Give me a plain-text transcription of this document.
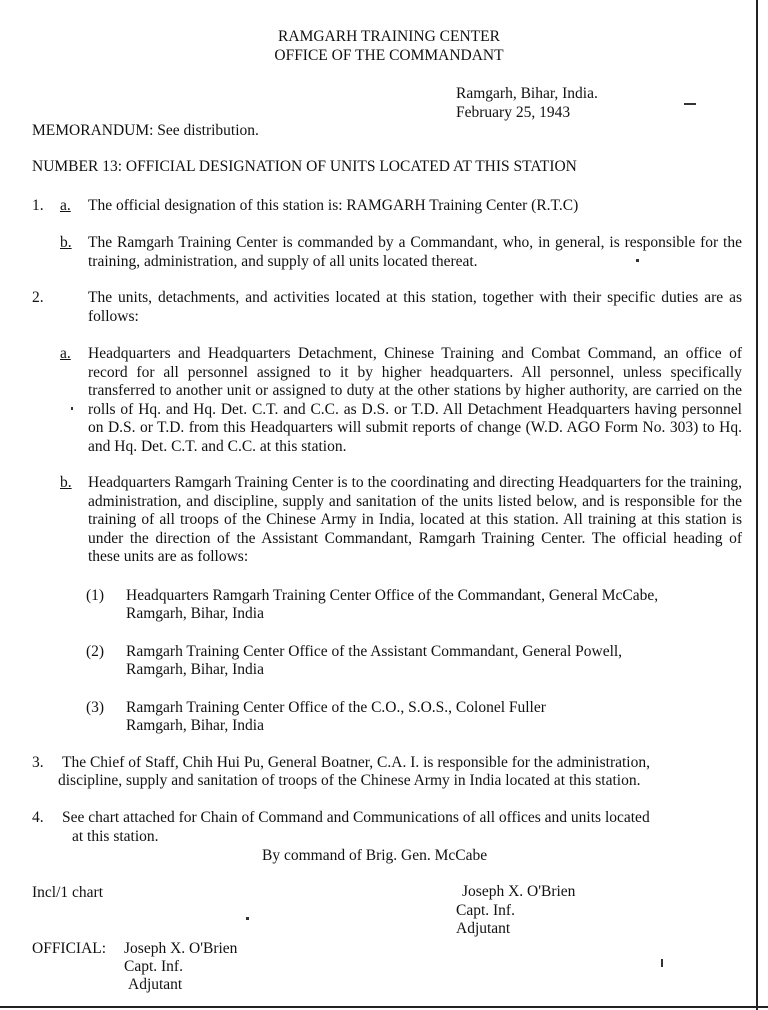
RAMGARH TRAINING CENTER
OFFICE OF THE COMMANDANT
Ramgarh, Bihar, India.
February 25, 1943
MEMORANDUM: See distribution.
NUMBER 13: OFFICIAL DESIGNATION OF UNITS LOCATED AT THIS STATION
1. a. The official designation of this station is: RAMGARH Training Center (R.T.C)
b. The Ramgarh Training Center is commanded by a Commandant, who, in general, is responsible for the training, administration, and supply of all units located thereat.
2.	The units, detachments, and activities located at this station, together with their specific duties are as follows:
a. Headquarters and Headquarters Detachment, Chinese Training and Combat Command, an office of record for all personnel assigned to it by higher headquarters. All personnel, unless specifically transferred to another unit or assigned to duty at the other stations by higher authority, are carried on the rolls of Hq. and Hq. Det. C.T. and C.C. as D.S. or T.D. All Detachment Headquarters having personnel on D.S. or T.D. from this Headquarters will submit reports of change (W.D. AGO Form No. 303) to Hq. and Hq. Det. C.T. and C.C. at this station.
b. Headquarters Ramgarh Training Center is to the coordinating and directing Headquarters for the training, administration, and discipline, supply and sanitation of the units listed below, and is responsible for the training of all troops of the Chinese Army in India, located at this station. All training at this station is under the direction of the Assistant Commandant, Ramgarh Training Center. The official heading of these units are as follows:
(1) Headquarters Ramgarh Training Center Office of the Commandant, General McCabe,
Ramgarh, Bihar, India
(2) Ramgarh Training Center Office of the Assistant Commandant, General Powell,
Ramgarh, Bihar, India
(3) Ramgarh Training Center Office of the C.O., S.O.S., Colonel Fuller
Ramgarh, Bihar, India
3. The Chief of Staff, Chih Hui Pu, General Boatner, C.A. I. is responsible for the administration,
discipline, supply and sanitation of troops of the Chinese Army in India located at this station.
4. See chart attached for Chain of Command and Communications of all offices and units located
at this station.
By command of Brig. Gen. McCabe
Incl/1 chart	Joseph X. O'Brien
Capt. Inf.
Adjutant
OFFICIAL: Joseph X. O'Brien
Capt. Inf.
Adjutant
